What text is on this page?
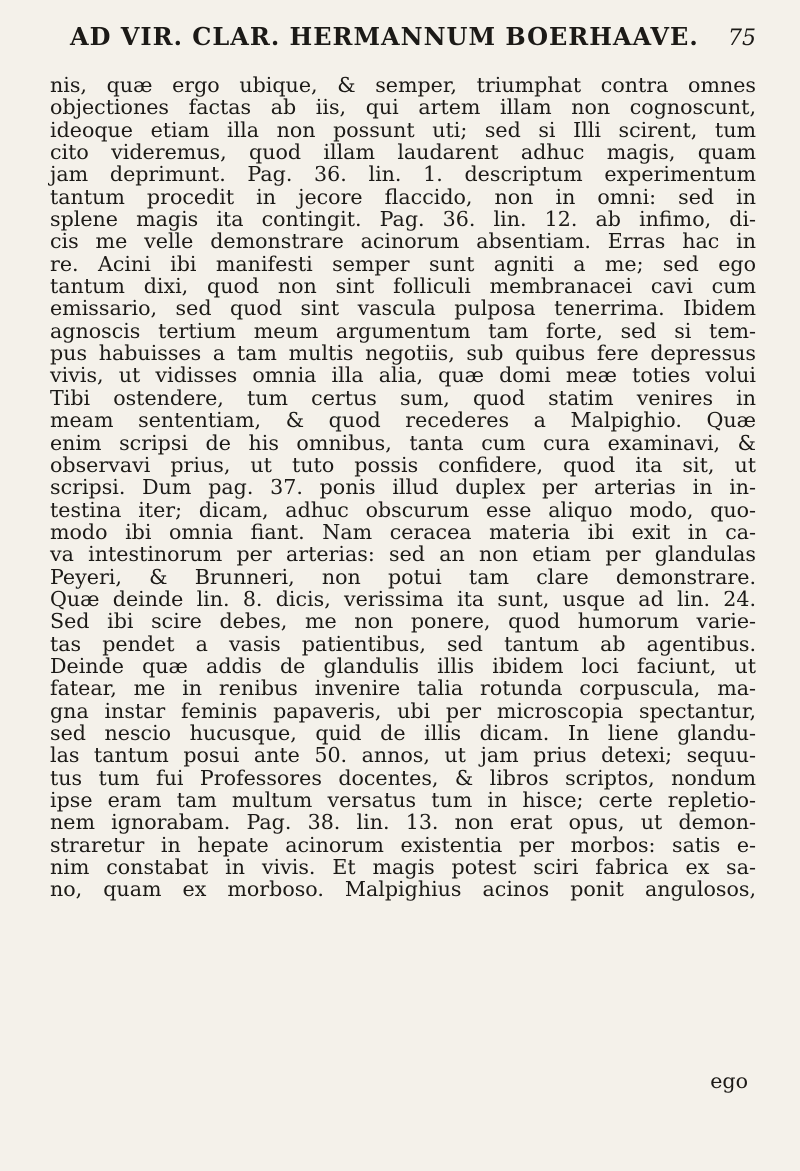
AD VIR. CLAR. HERMANNUM BOERHAAVE. 75
nis, quæ ergo ubique, & semper, triumphat contra omnes
objectiones factas ab iis, qui artem illam non cognoscunt,
ideoque etiam illa non possunt uti; sed si Illi scirent, tum
cito videremus, quod illam laudarent adhuc magis, quam
jam deprimunt. Pag. 36. lin. 1. descriptum experimentum
tantum procedit in jecore flaccido, non in omni: sed in
splene magis ita contingit. Pag. 36. lin. 12. ab infimo, di-
cis me velle demonstrare acinorum absentiam. Erras hac in
re. Acini ibi manifesti semper sunt agniti a me; sed ego
tantum dixi, quod non sint folliculi membranacei cavi cum
emissario, sed quod sint vascula pulposa tenerrima. Ibidem
agnoscis tertium meum argumentum tam forte, sed si tem-
pus habuisses a tam multis negotiis, sub quibus fere depressus
vivis, ut vidisses omnia illa alia, quæ domi meæ toties volui
Tibi ostendere, tum certus sum, quod statim venires in
meam sententiam, & quod recederes a Malpighio. Quæ
enim scripsi de his omnibus, tanta cum cura examinavi, &
observavi prius, ut tuto possis confidere, quod ita sit, ut
scripsi. Dum pag. 37. ponis illud duplex per arterias in in-
testina iter; dicam, adhuc obscurum esse aliquo modo, quo-
modo ibi omnia fiant. Nam ceracea materia ibi exit in ca-
va intestinorum per arterias: sed an non etiam per glandulas
Peyeri, & Brunneri, non potui tam clare demonstrare.
Quæ deinde lin. 8. dicis, verissima ita sunt, usque ad lin. 24.
Sed ibi scire debes, me non ponere, quod humorum varie-
tas pendet a vasis patientibus, sed tantum ab agentibus.
Deinde quæ addis de glandulis illis ibidem loci faciunt, ut
fatear, me in renibus invenire talia rotunda corpuscula, ma-
gna instar feminis papaveris, ubi per microscopia spectantur,
sed nescio hucusque, quid de illis dicam. In liene glandu-
las tantum posui ante 50. annos, ut jam prius detexi; sequu-
tus tum fui Professores docentes, & libros scriptos, nondum
ipse eram tam multum versatus tum in hisce; certe repletio-
nem ignorabam. Pag. 38. lin. 13. non erat opus, ut demon-
straretur in hepate acinorum existentia per morbos: satis e-
nim constabat in vivis. Et magis potest sciri fabrica ex sa-
no, quam ex morboso. Malpighius acinos ponit angulosos,
ego
